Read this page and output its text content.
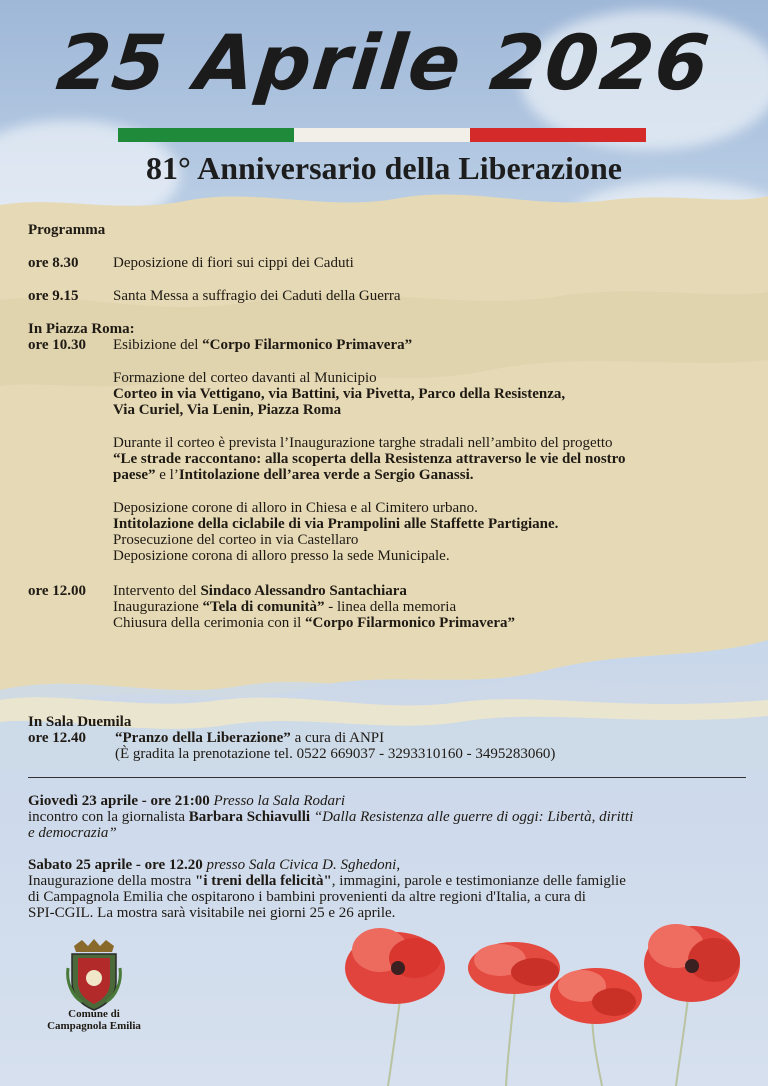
25 Aprile 2026
81° Anniversario della Liberazione
Programma
ore 8.30 Deposizione di fiori sui cippi dei Caduti
ore 9.15 Santa Messa a suffragio dei Caduti della Guerra
In Piazza Roma:
ore 10.30 Esibizione del “Corpo Filarmonico Primavera”
Formazione del corteo davanti al Municipio
Corteo in via Vettigano, via Battini, via Pivetta, Parco della Resistenza,
Via Curiel, Via Lenin, Piazza Roma
Durante il corteo è prevista l’Inaugurazione targhe stradali nell’ambito del progetto
“Le strade raccontano: alla scoperta della Resistenza attraverso le vie del nostro
paese” e l’Intitolazione dell’area verde a Sergio Ganassi.
Deposizione corone di alloro in Chiesa e al Cimitero urbano.
Intitolazione della ciclabile di via Prampolini alle Staffette Partigiane.
Prosecuzione del corteo in via Castellaro
Deposizione corona di alloro presso la sede Municipale.
ore 12.00 Intervento del Sindaco Alessandro Santachiara
Inaugurazione “Tela di comunità” - linea della memoria
Chiusura della cerimonia con il “Corpo Filarmonico Primavera”
In Sala Duemila
ore 12.40 “Pranzo della Liberazione” a cura di ANPI
(È gradita la prenotazione tel. 0522 669037 - 3293310160 - 3495283060)
Giovedì 23 aprile - ore 21:00 Presso la Sala Rodari
incontro con la giornalista Barbara Schiavulli “Dalla Resistenza alle guerre di oggi: Libertà, diritti
e democrazia”
Sabato 25 aprile - ore 12.20 presso Sala Civica D. Sghedoni,
Inaugurazione della mostra "i treni della felicità", immagini, parole e testimonianze delle famiglie
di Campagnola Emilia che ospitarono i bambini provenienti da altre regioni d'Italia, a cura di
SPI-CGIL. La mostra sarà visitabile nei giorni 25 e 26 aprile.
Comune di
Campagnola Emilia
